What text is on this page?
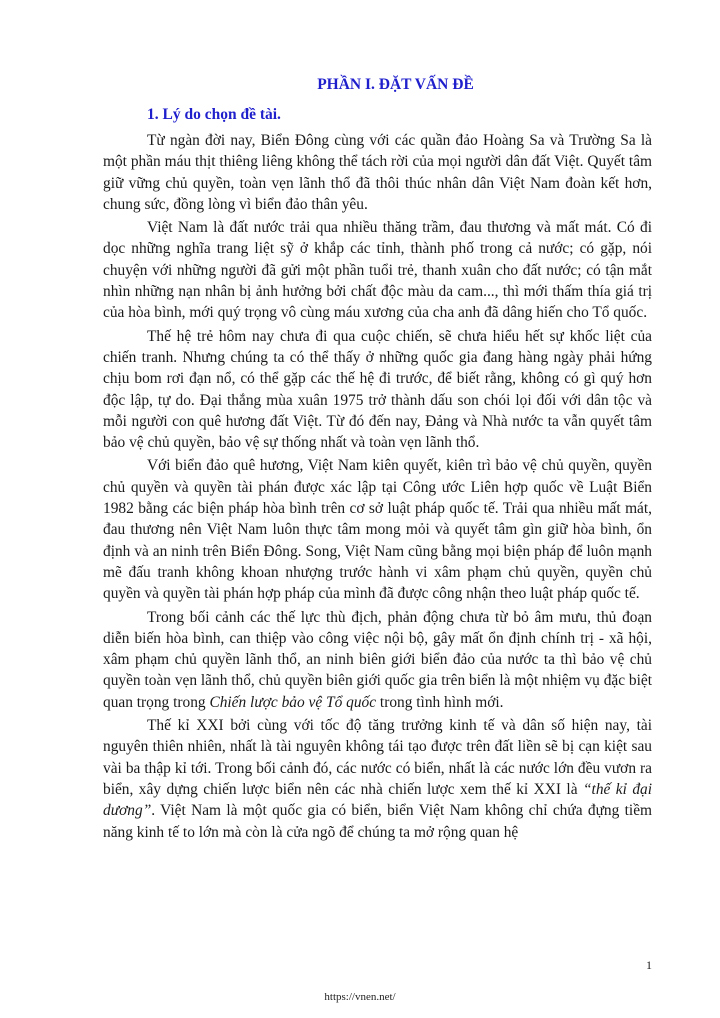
PHẦN I. ĐẶT VẤN ĐỀ
1. Lý do chọn đề tài.

Từ ngàn đời nay, Biển Đông cùng với các quần đảo Hoàng Sa và Trường Sa là một phần máu thịt thiêng liêng không thể tách rời của mọi người dân đất Việt. Quyết tâm giữ vững chủ quyền, toàn vẹn lãnh thổ đã thôi thúc nhân dân Việt Nam đoàn kết hơn, chung sức, đồng lòng vì biển đảo thân yêu.

Việt Nam là đất nước trải qua nhiều thăng trầm, đau thương và mất mát. Có đi dọc những nghĩa trang liệt sỹ ở khắp các tỉnh, thành phố trong cả nước; có gặp, nói chuyện với những người đã gửi một phần tuổi trẻ, thanh xuân cho đất nước; có tận mắt nhìn những nạn nhân bị ảnh hưởng bởi chất độc màu da cam..., thì mới thấm thía giá trị của hòa bình, mới quý trọng vô cùng máu xương của cha anh đã dâng hiến cho Tổ quốc.

Thế hệ trẻ hôm nay chưa đi qua cuộc chiến, sẽ chưa hiểu hết sự khốc liệt của chiến tranh. Nhưng chúng ta có thể thấy ở những quốc gia đang hàng ngày phải hứng chịu bom rơi đạn nổ, có thể gặp các thế hệ đi trước, để biết rằng, không có gì quý hơn độc lập, tự do. Đại thắng mùa xuân 1975 trở thành dấu son chói lọi đối với dân tộc và mỗi người con quê hương đất Việt. Từ đó đến nay, Đảng và Nhà nước ta vẫn quyết tâm bảo vệ chủ quyền, bảo vệ sự thống nhất và toàn vẹn lãnh thổ.

Với biển đảo quê hương, Việt Nam kiên quyết, kiên trì bảo vệ chủ quyền, quyền chủ quyền và quyền tài phán được xác lập tại Công ước Liên hợp quốc về Luật Biển 1982 bằng các biện pháp hòa bình trên cơ sở luật pháp quốc tế. Trải qua nhiều mất mát, đau thương nên Việt Nam luôn thực tâm mong mỏi và quyết tâm gìn giữ hòa bình, ổn định và an ninh trên Biển Đông. Song, Việt Nam cũng bằng mọi biện pháp để luôn mạnh mẽ đấu tranh không khoan nhượng trước hành vi xâm phạm chủ quyền, quyền chủ quyền và quyền tài phán hợp pháp của mình đã được công nhận theo luật pháp quốc tế.

Trong bối cảnh các thế lực thù địch, phản động chưa từ bỏ âm mưu, thủ đoạn diễn biến hòa bình, can thiệp vào công việc nội bộ, gây mất ổn định chính trị - xã hội, xâm phạm chủ quyền lãnh thổ, an ninh biên giới biển đảo của nước ta thì bảo vệ chủ quyền toàn vẹn lãnh thổ, chủ quyền biên giới quốc gia trên biển là một nhiệm vụ đặc biệt quan trọng trong Chiến lược bảo vệ Tổ quốc trong tình hình mới.

Thế kỉ XXI bởi cùng với tốc độ tăng trưởng kinh tế và dân số hiện nay, tài nguyên thiên nhiên, nhất là tài nguyên không tái tạo được trên đất liền sẽ bị cạn kiệt sau vài ba thập kỉ tới. Trong bối cảnh đó, các nước có biển, nhất là các nước lớn đều vươn ra biển, xây dựng chiến lược biển nên các nhà chiến lược xem thế kỉ XXI là “thế kỉ đại dương”. Việt Nam là một quốc gia có biển, biển Việt Nam không chỉ chứa đựng tiềm năng kinh tế to lớn mà còn là cửa ngõ để chúng ta mở rộng quan hệ

1
https://vnen.net/
